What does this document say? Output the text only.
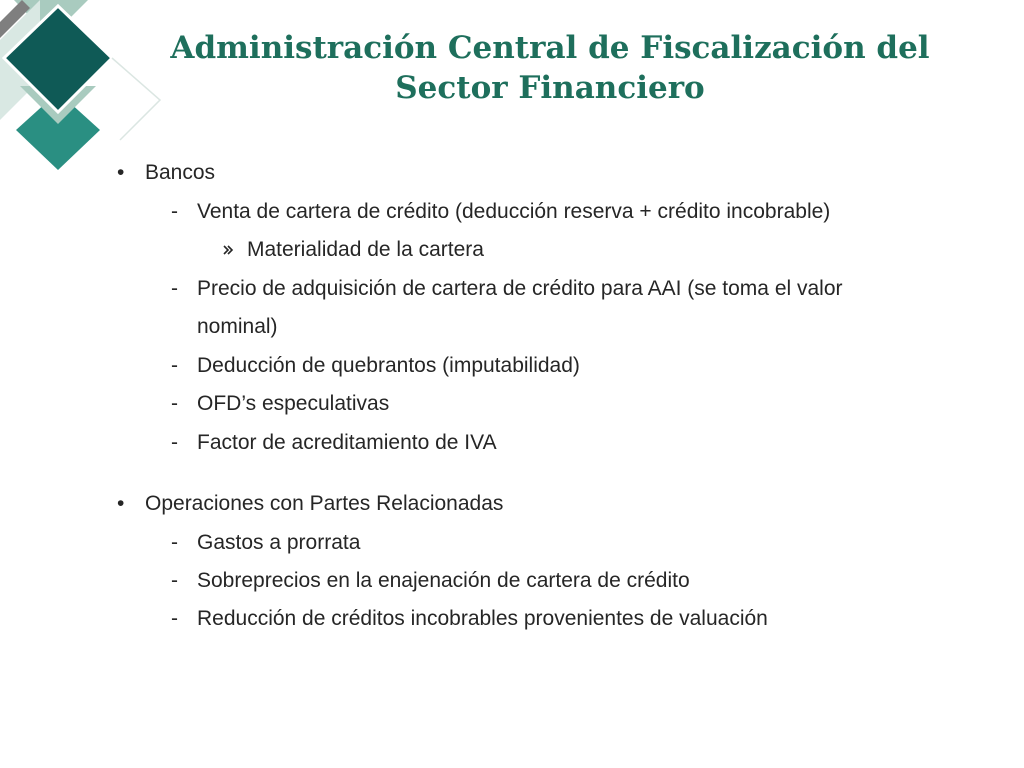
Administración Central de Fiscalización del
Sector Financiero
• Bancos
- Venta de cartera de crédito (deducción reserva + crédito incobrable)
Materialidad de la cartera
- Precio de adquisición de cartera de crédito para AAI (se toma el valor
nominal)
- Deducción de quebrantos (imputabilidad)
- OFD’s especulativas
- Factor de acreditamiento de IVA
• Operaciones con Partes Relacionadas
- Gastos a prorrata
- Sobreprecios en la enajenación de cartera de crédito
- Reducción de créditos incobrables provenientes de valuación
